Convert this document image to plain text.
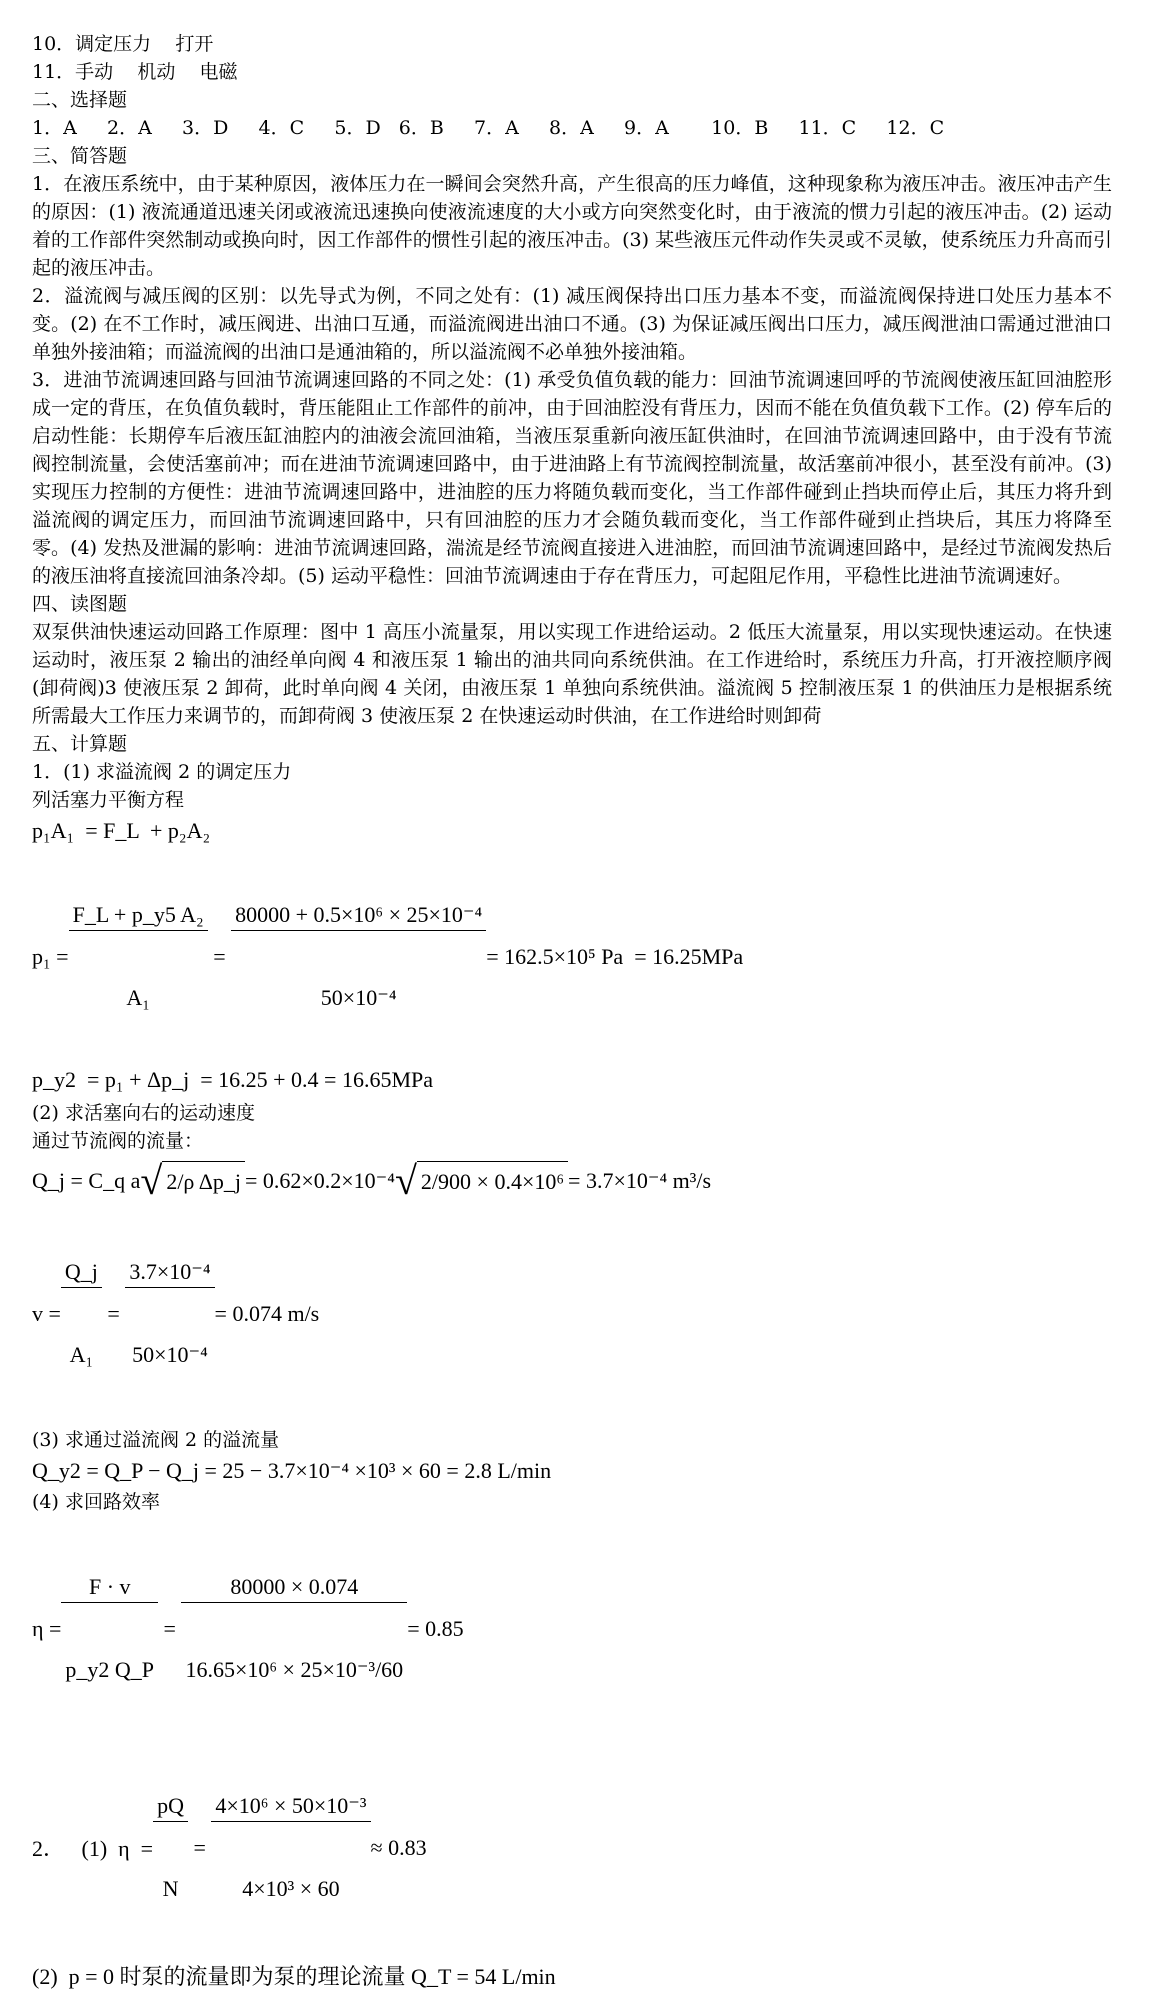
10．调定压力    打开
11．手动    机动    电磁
二、选择题
1．A     2．A     3．D     4．C     5．D   6．B     7．A     8．A     9．A       10．B     11．C     12．C
三、简答题
1．在液压系统中，由于某种原因，液体压力在一瞬间会突然升高，产生很高的压力峰值，这种现象称为液压冲击。液压冲击产生的原因：(1) 液流通道迅速关闭或液流迅速换向使液流速度的大小或方向突然变化时，由于液流的惯力引起的液压冲击。(2) 运动着的工作部件突然制动或换向时，因工作部件的惯性引起的液压冲击。(3) 某些液压元件动作失灵或不灵敏，使系统压力升高而引起的液压冲击。
2．溢流阀与减压阀的区别：以先导式为例，不同之处有：(1) 减压阀保持出口压力基本不变，而溢流阀保持进口处压力基本不变。(2) 在不工作时，减压阀进、出油口互通，而溢流阀进出油口不通。(3) 为保证减压阀出口压力，减压阀泄油口需通过泄油口单独外接油箱；而溢流阀的出油口是通油箱的，所以溢流阀不必单独外接油箱。
3．进油节流调速回路与回油节流调速回路的不同之处：(1) 承受负值负载的能力：回油节流调速回呼的节流阀使液压缸回油腔形成一定的背压，在负值负载时，背压能阻止工作部件的前冲，由于回油腔没有背压力，因而不能在负值负载下工作。(2) 停车后的启动性能：长期停车后液压缸油腔内的油液会流回油箱，当液压泵重新向液压缸供油时，在回油节流调速回路中，由于没有节流阀控制流量，会使活塞前冲；而在进油节流调速回路中，由于进油路上有节流阀控制流量，故活塞前冲很小，甚至没有前冲。(3) 实现压力控制的方便性：进油节流调速回路中，进油腔的压力将随负载而变化，当工作部件碰到止挡块而停止后，其压力将升到溢流阀的调定压力，而回油节流调速回路中，只有回油腔的压力才会随负载而变化，当工作部件碰到止挡块后，其压力将降至零。(4) 发热及泄漏的影响：进油节流调速回路，湍流是经节流阀直接进入进油腔，而回油节流调速回路中，是经过节流阀发热后的液压油将直接流回油条冷却。(5) 运动平稳性：回油节流调速由于存在背压力，可起阻尼作用，平稳性比进油节流调速好。
四、读图题
双泵供油快速运动回路工作原理：图中 1 高压小流量泵，用以实现工作进给运动。2 低压大流量泵，用以实现快速运动。在快速运动时，液压泵 2 输出的油经单向阀 4 和液压泵 1 输出的油共同向系统供油。在工作进给时，系统压力升高，打开液控顺序阀(卸荷阀)3 使液压泵 2 卸荷，此时单向阀 4 关闭，由液压泵 1 单独向系统供油。溢流阀 5 控制液压泵 1 的供油压力是根据系统所需最大工作压力来调节的，而卸荷阀 3 使液压泵 2 在快速运动时供油，在工作进给时则卸荷
五、计算题
1．(1) 求溢流阀 2 的调定压力
列活塞力平衡方程
p₁A₁  = F_L  + p₂A₂
p₁ =

$\frac{\text{F\_L + p\_y5 A₂}}{\text{A₁}}$

=

$\frac{\text{80000 + 0.5×10⁶ × 25×10⁻⁴}}{\text{50×10⁻⁴}}$

= 162.5×10⁵ Pa  = 16.25MPa
p_y2  = p₁ + Δp_j  = 16.25 + 0.4 = 16.65MPa
(2) 求活塞向右的运动速度
通过节流阀的流量：
Q_j = C_q a √ 2/ρ Δp_j = 0.62×0.2×10⁻⁴ √ 2/900 × 0.4×10⁶ = 3.7×10⁻⁴ m³/s
v =

$\frac{Q\_j}{\text{A₁}}$

=

$\frac{\text{3.7×10⁻⁴}}{\text{50×10⁻⁴}}$

= 0.074 m/s
(3) 求通过溢流阀 2 的溢流量
Q_y2 = Q_P − Q_j = 25 − 3.7×10⁻⁴ ×10³ × 60 = 2.8 L/min
(4) 求回路效率
η =

$\frac{F \cdot v}{p\_y2 Q\_P}$

=

$\frac{80000 \times 0.074}{\text{16.65×10⁶ × 25×10⁻³/60}}$

= 0.85
2．   (1)  η  =

$\frac{pQ}{N}$

=

$\frac{\text{4×10⁶ × 50×10⁻³}}{\text{4×10³ × 60}}$

≈ 0.83
(2)  p = 0 时泵的流量即为泵的理论流量 Q_T = 54 L/min
